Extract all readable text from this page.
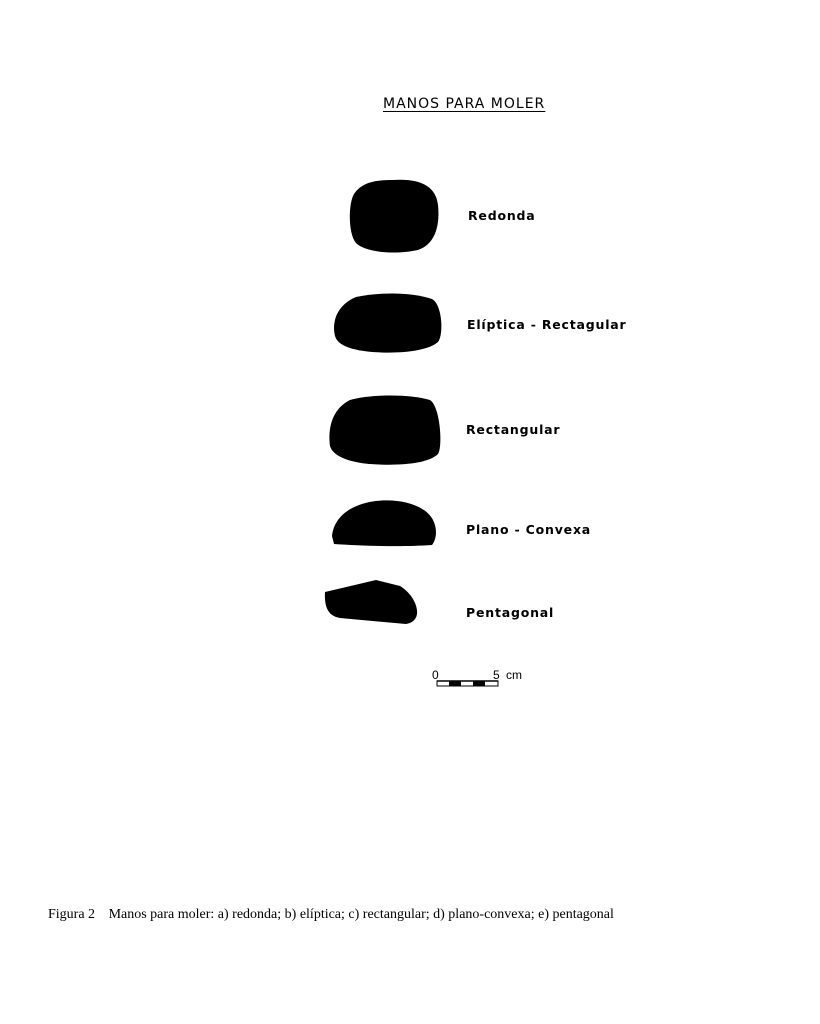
MANOS PARA MOLER
Redonda
Elíptica - Rectagular
Rectangular
Plano - Convexa
Pentagonal
0	5 cm
Figura 2 Manos para moler: a) redonda; b) elíptica; c) rectangular; d) plano-convexa; e) pentagonal
